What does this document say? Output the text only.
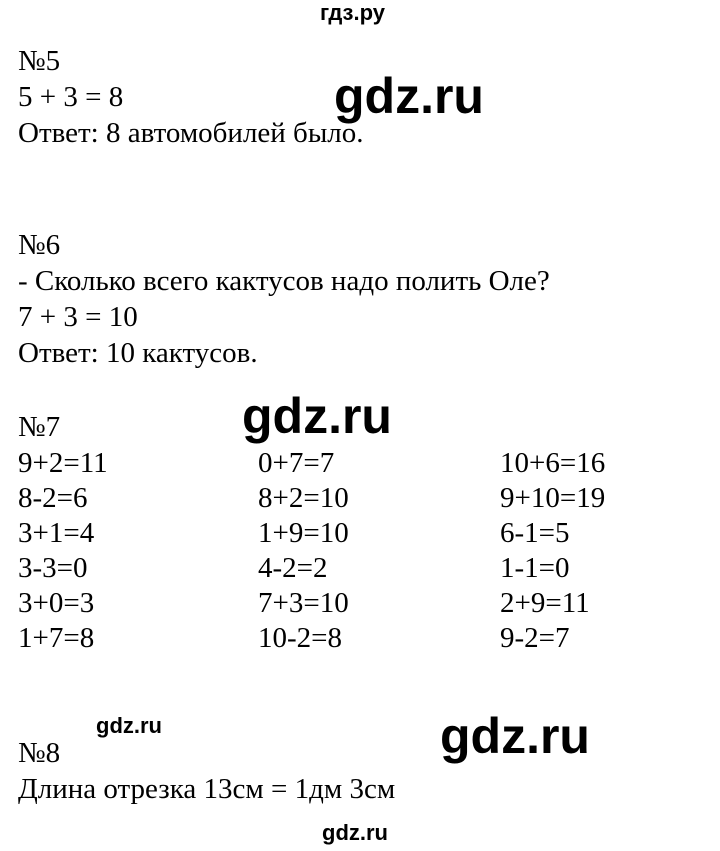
гдз.ру
№5
5 + 3 = 8
Ответ: 8 автомобилей было.
gdz.ru
№6
- Сколько всего кактусов надо полить Оле?
7 + 3 = 10
Ответ: 10 кактусов.
№7	gdz.ru
9+2=11
8-2=6
3+1=4
3-3=0
3+0=3
1+7=8
0+7=7
8+2=10
1+9=10
4-2=2
7+3=10
10-2=8
10+6=16
9+10=19
6-1=5
1-1=0
2+9=11
9-2=7
gdz.ru	gdz.ru
№8
Длина отрезка 13см = 1дм 3см
gdz.ru
